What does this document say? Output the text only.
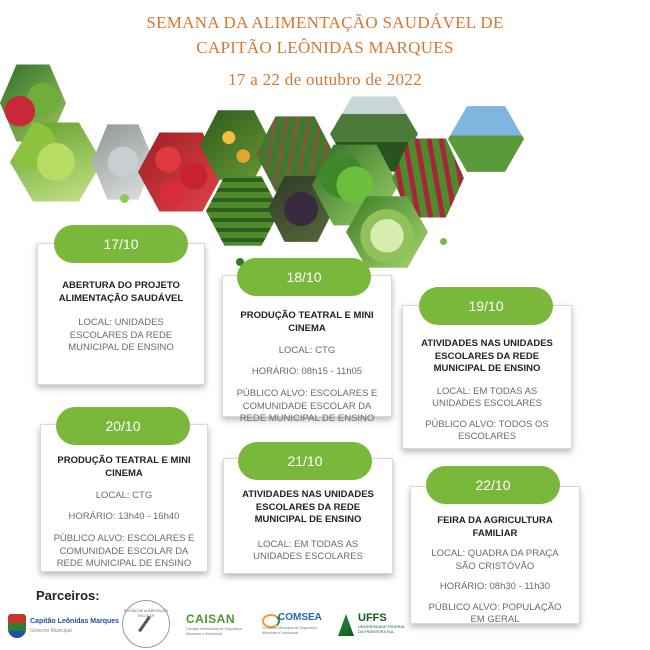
SEMANA DA ALIMENTAÇÃO SAUDÁVEL DE
CAPITÃO LEÔNIDAS MARQUES
17 a 22 de outubro de 2022
ABERTURA DO PROJETO ALIMENTAÇÃO SAUDÁVEL
LOCAL: UNIDADES ESCOLARES DA REDE MUNICIPAL DE ENSINO
17/10
PRODUÇÃO TEATRAL E MINI CINEMA
LOCAL: CTG
HORÁRIO: 08h15 - 11h05
PÚBLICO ALVO: ESCOLARES E COMUNIDADE ESCOLAR DA REDE MUNICIPAL DE ENSINO
18/10
ATIVIDADES NAS UNIDADES ESCOLARES DA REDE MUNICIPAL DE ENSINO
LOCAL: EM TODAS AS UNIDADES ESCOLARES
PÚBLICO ALVO: TODOS OS ESCOLARES
19/10
PRODUÇÃO TEATRAL E MINI CINEMA
LOCAL: CTG
HORÁRIO: 13h40 - 16h40
PÚBLICO ALVO: ESCOLARES E COMUNIDADE ESCOLAR DA REDE MUNICIPAL DE ENSINO
20/10
ATIVIDADES NAS UNIDADES ESCOLARES DA REDE MUNICIPAL DE ENSINO
LOCAL: EM TODAS AS UNIDADES ESCOLARES
21/10
FEIRA DA AGRICULTURA FAMILIAR
LOCAL: QUADRA DA PRAÇA SÃO CRISTÓVÃO
HORÁRIO: 08h30 - 11h30
PÚBLICO ALVO: POPULAÇÃO EM GERAL
22/10
Parceiros:
Capitão Leônidas Marques
Governo Municipal
DIVISÃO DE ALIMENTAÇÃO ESCOLAR	CAISAN
Câmara Intersetorial de Segurança Alimentar e Nutricional
COMSEA
Conselho Municipal de Segurança Alimentar e Nutricional
UFFS
UNIVERSIDADE FEDERAL DA FRONTEIRA SUL
